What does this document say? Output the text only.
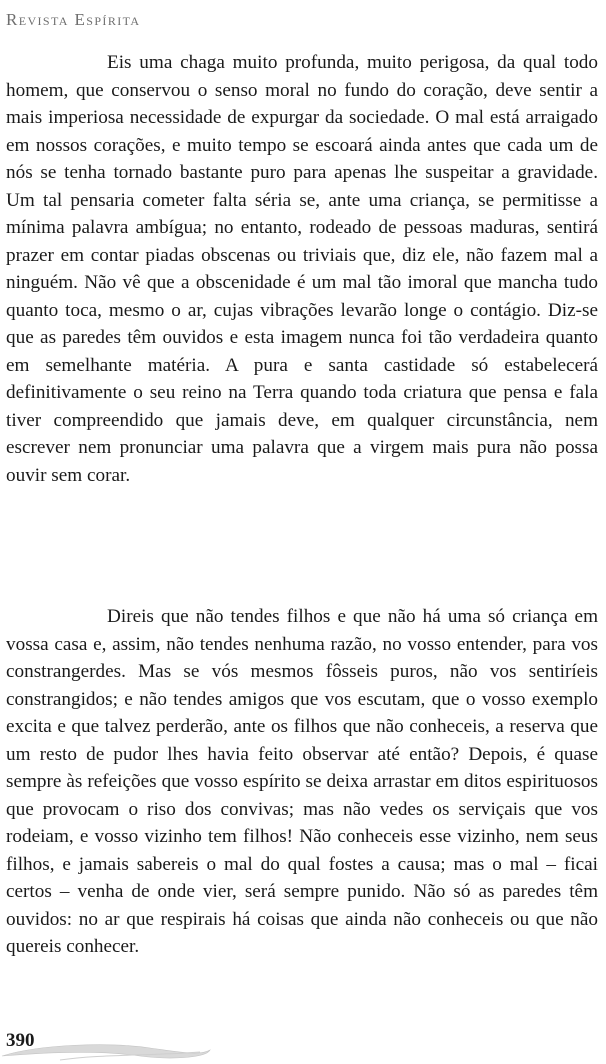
Revista Espírita

Eis uma chaga muito profunda, muito perigosa, da qual todo homem, que conservou o senso moral no fundo do coração, deve sentir a mais imperiosa necessidade de expurgar da sociedade. O mal está arraigado em nossos corações, e muito tempo se escoará ainda antes que cada um de nós se tenha tornado bastante puro para apenas lhe suspeitar a gravidade. Um tal pensaria cometer falta séria se, ante uma criança, se permitisse a mínima palavra ambígua; no entanto, rodeado de pessoas maduras, sentirá prazer em contar piadas obscenas ou triviais que, diz ele, não fazem mal a ninguém. Não vê que a obscenidade é um mal tão imoral que mancha tudo quanto toca, mesmo o ar, cujas vibrações levarão longe o contágio. Diz-se que as paredes têm ouvidos e esta imagem nunca foi tão verdadeira quanto em semelhante matéria. A pura e santa castidade só estabelecerá definitivamente o seu reino na Terra quando toda criatura que pensa e fala tiver compreendido que jamais deve, em qualquer circunstância, nem escrever nem pronunciar uma palavra que a virgem mais pura não possa ouvir sem corar.

Direis que não tendes filhos e que não há uma só criança em vossa casa e, assim, não tendes nenhuma razão, no vosso entender, para vos constrangerdes. Mas se vós mesmos fôsseis puros, não vos sentiríeis constrangidos; e não tendes amigos que vos escutam, que o vosso exemplo excita e que talvez perderão, ante os filhos que não conheceis, a reserva que um resto de pudor lhes havia feito observar até então? Depois, é quase sempre às refeições que vosso espírito se deixa arrastar em ditos espirituosos que provocam o riso dos convivas; mas não vedes os serviçais que vos rodeiam, e vosso vizinho tem filhos! Não conheceis esse vizinho, nem seus filhos, e jamais sabereis o mal do qual fostes a causa; mas o mal – ficai certos – venha de onde vier, será sempre punido. Não só as paredes têm ouvidos: no ar que respirais há coisas que ainda não conheceis ou que não quereis conhecer.

390
